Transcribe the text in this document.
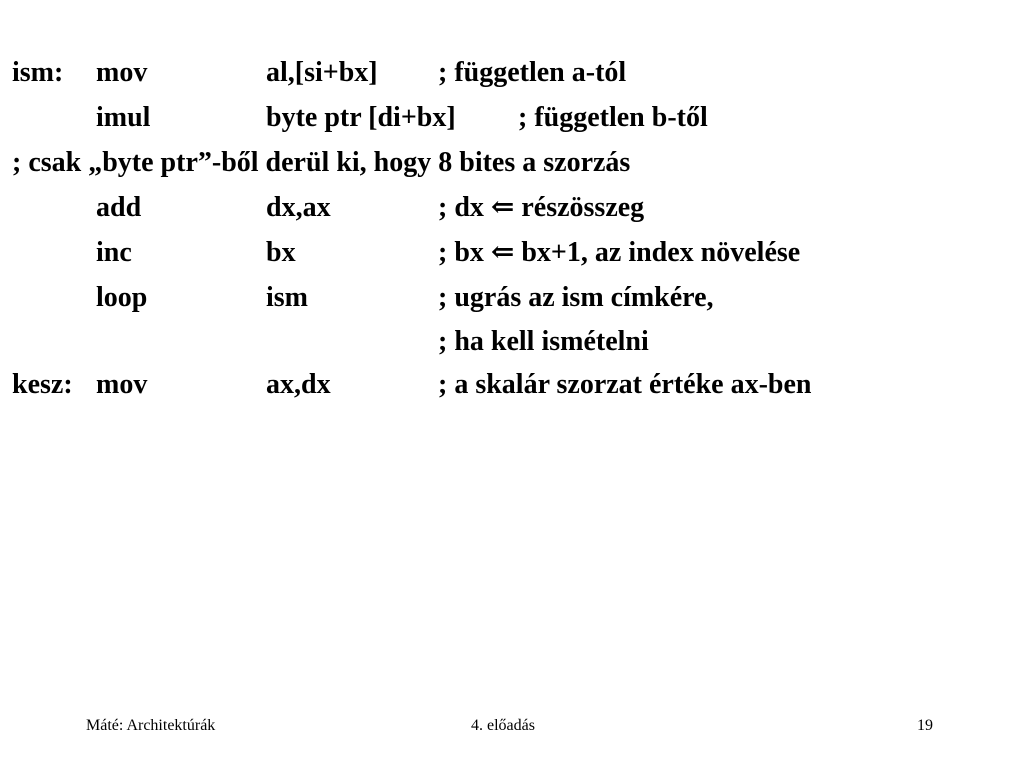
ism: mov	al,[si+bx] ; független a-tól
imul	byte ptr [di+bx] ; független b-től
; csak „byte ptr”-ből derül ki, hogy 8 bites a szorzás
add	dx,ax	; dx ⇐ részösszeg
inc	bx	; bx ⇐ bx+1, az index növelése
loop	ism	; ugrás az ism címkére,
; ha kell ismételni
kesz: mov	ax,dx	; a skalár szorzat értéke ax-ben
Máté: Architektúrák	4. előadás	19
